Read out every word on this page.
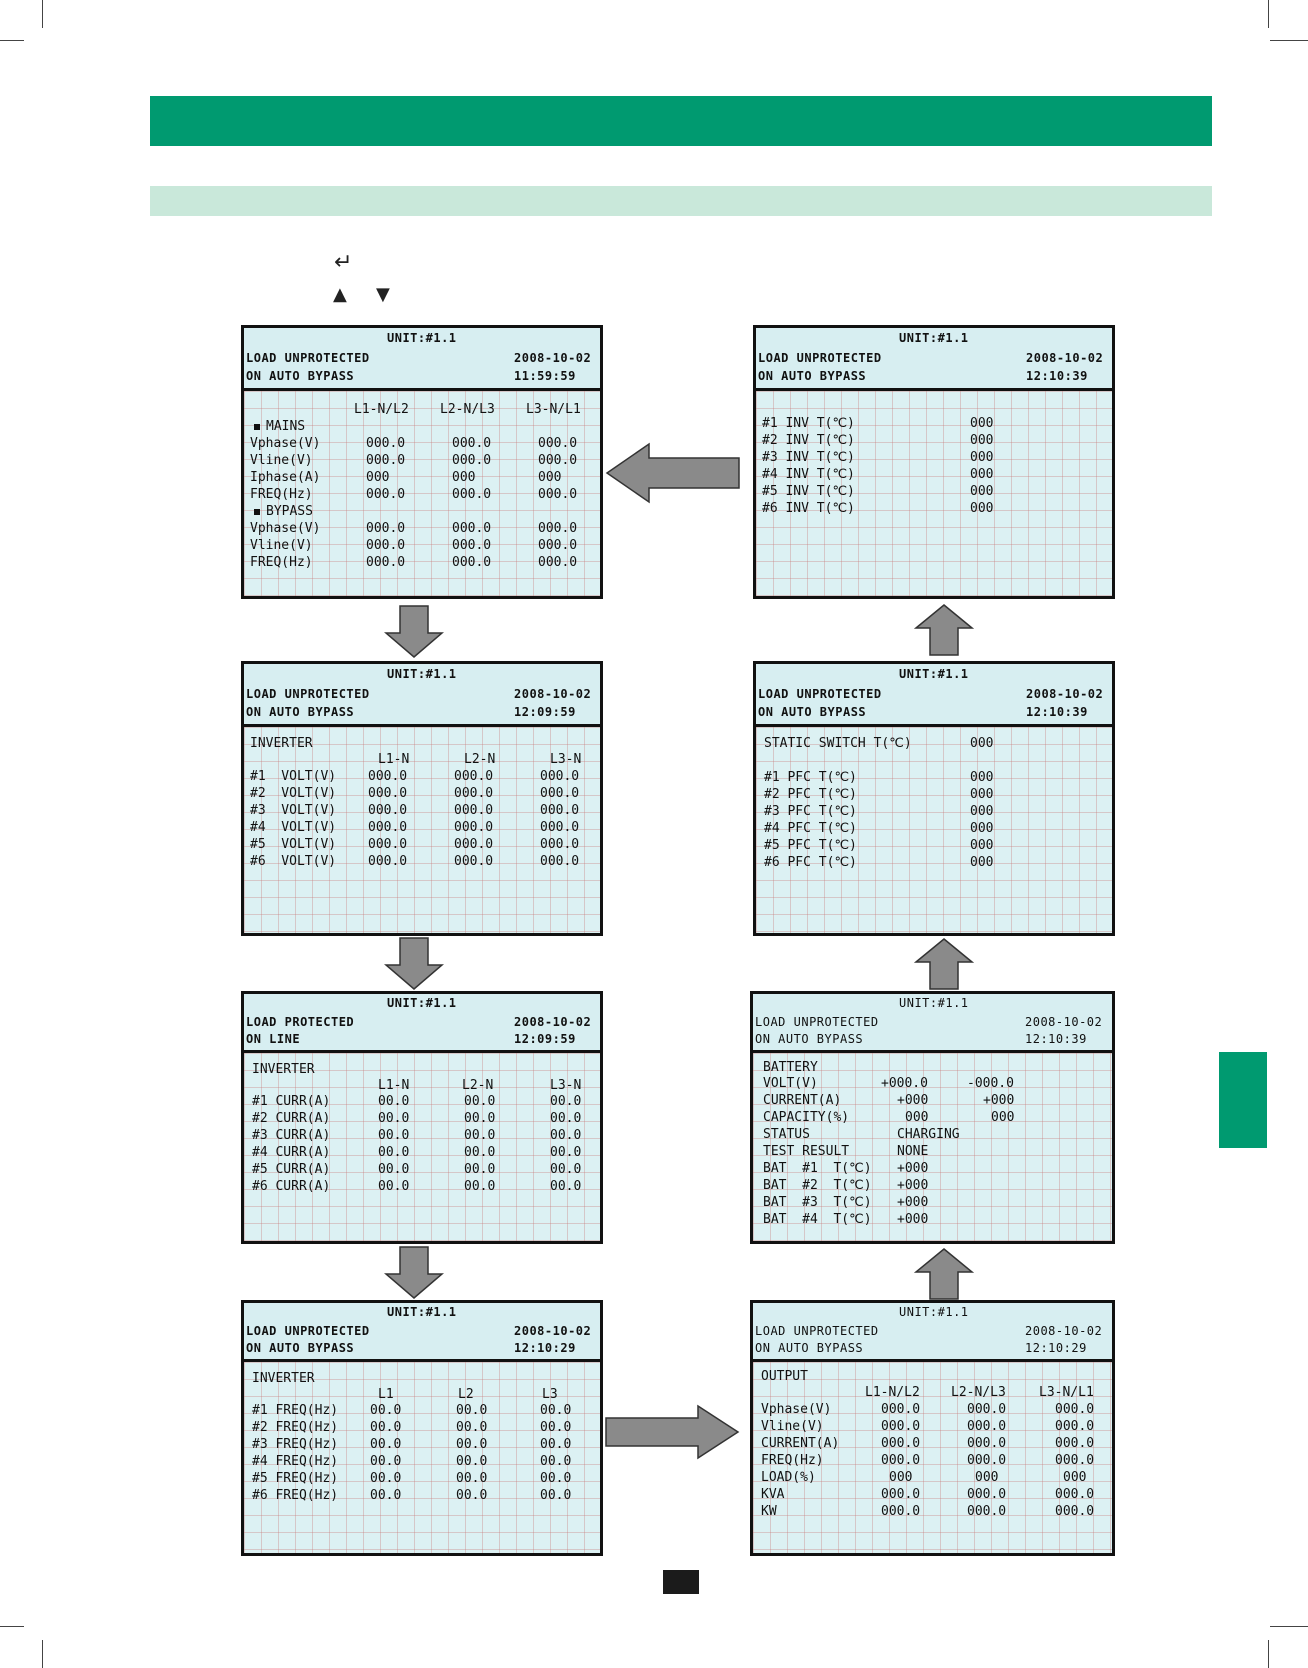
↵
▲ ▼
UNIT:#1.1
LOAD UNPROTECTED	2008-10-02
ON AUTO BYPASS	11:59:59
L1-N/L2 L2-N/L3 L3-N/L1
MAINS
Vphase(V)	000.0	000.0	000.0
Vline(V)	000.0	000.0	000.0
Iphase(A)	000	000	000
FREQ(Hz)	000.0	000.0	000.0
BYPASS
Vphase(V)	000.0	000.0	000.0
Vline(V)	000.0	000.0	000.0
FREQ(Hz)	000.0	000.0	000.0
UNIT:#1.1
LOAD UNPROTECTED	2008-10-02
ON AUTO BYPASS	12:09:59
INVERTER
L1-N	L2-N	L3-N
#1  VOLT(V) 000.0	000.0	000.0
#2  VOLT(V) 000.0	000.0	000.0
#3  VOLT(V) 000.0	000.0	000.0
#4  VOLT(V) 000.0	000.0	000.0
#5  VOLT(V) 000.0	000.0	000.0
#6  VOLT(V) 000.0	000.0	000.0
UNIT:#1.1
LOAD PROTECTED	2008-10-02
ON LINE	12:09:59
INVERTER
L1-N	L2-N	L3-N
#1 CURR(A)	00.0	00.0	00.0
#2 CURR(A)	00.0	00.0	00.0
#3 CURR(A)	00.0	00.0	00.0
#4 CURR(A)	00.0	00.0	00.0
#5 CURR(A)	00.0	00.0	00.0
#6 CURR(A)	00.0	00.0	00.0
UNIT:#1.1
LOAD UNPROTECTED	2008-10-02
ON AUTO BYPASS	12:10:29
INVERTER
L1	L2	L3
#1 FREQ(Hz) 00.0	00.0	00.0
#2 FREQ(Hz) 00.0	00.0	00.0
#3 FREQ(Hz) 00.0	00.0	00.0
#4 FREQ(Hz) 00.0	00.0	00.0
#5 FREQ(Hz) 00.0	00.0	00.0
#6 FREQ(Hz) 00.0	00.0	00.0
UNIT:#1.1
LOAD UNPROTECTED	2008-10-02
ON AUTO BYPASS	12:10:39
#1 INV T(℃)	000
#2 INV T(℃)	000
#3 INV T(℃)	000
#4 INV T(℃)	000
#5 INV T(℃)	000
#6 INV T(℃)	000
UNIT:#1.1
LOAD UNPROTECTED	2008-10-02
ON AUTO BYPASS	12:10:39
STATIC SWITCH T(℃)	000
#1 PFC T(℃)	000
#2 PFC T(℃)	000
#3 PFC T(℃)	000
#4 PFC T(℃)	000
#5 PFC T(℃)	000
#6 PFC T(℃)	000
UNIT:#1.1
LOAD UNPROTECTED	2008-10-02
ON AUTO BYPASS	12:10:39
BATTERY
VOLT(V)	+000.0	-000.0
CURRENT(A)	+000	+000
CAPACITY(%)	000	000
STATUS	CHARGING
TEST RESULT	NONE
BAT  #1  T(℃) +000
BAT  #2  T(℃) +000
BAT  #3  T(℃) +000
BAT  #4  T(℃) +000
UNIT:#1.1
LOAD UNPROTECTED	2008-10-02
ON AUTO BYPASS	12:10:29
OUTPUT
L1-N/L2 L2-N/L3	L3-N/L1
Vphase(V)	000.0	000.0	000.0
Vline(V)	000.0	000.0	000.0
CURRENT(A)	000.0	000.0	000.0
FREQ(Hz)	000.0	000.0	000.0
LOAD(%)	000	000	000
KVA	000.0	000.0	000.0
KW	000.0	000.0	000.0
